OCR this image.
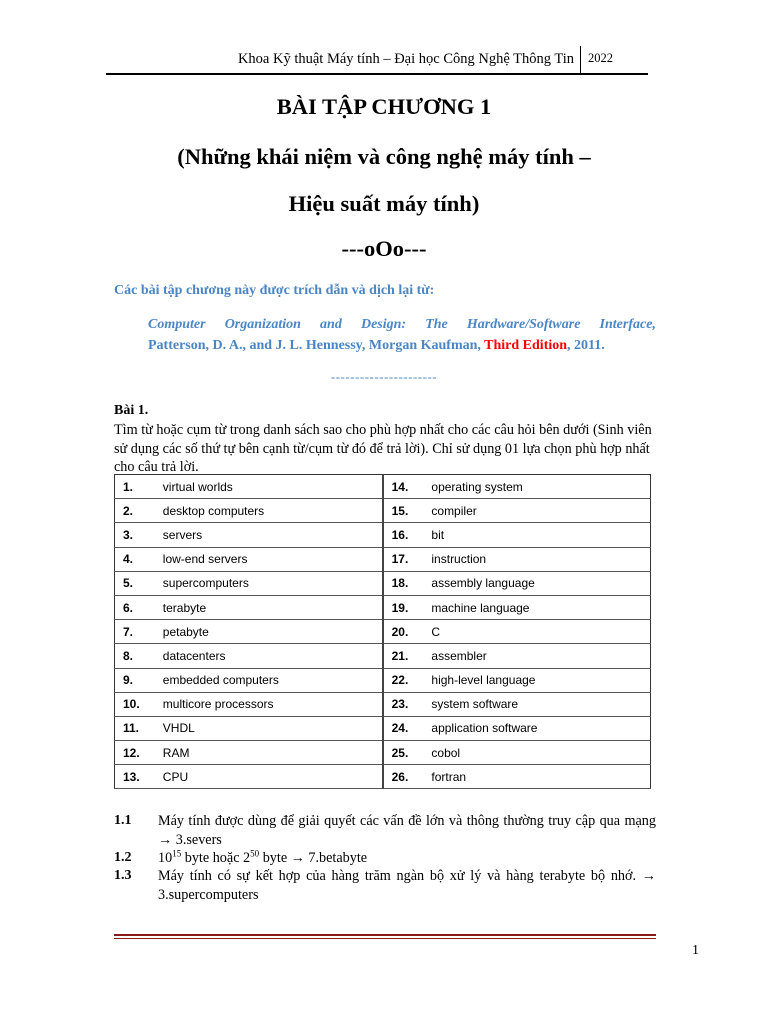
Khoa Kỹ thuật Máy tính – Đại học Công Nghệ Thông Tin 2022
BÀI TẬP CHƯƠNG 1
(Những khái niệm và công nghệ máy tính –
Hiệu suất máy tính)
---oOo---
Các bài tập chương này được trích dẫn và dịch lại từ:
Computer Organization and Design: The Hardware/Software Interface,
Patterson, D. A., and J. L. Hennessy, Morgan Kaufman, Third Edition, 2011.
----------------------
Bài 1.
Tìm từ hoặc cụm từ trong danh sách sao cho phù hợp nhất cho các câu hỏi bên dưới (Sinh viên sử dụng các số thứ tự bên cạnh từ/cụm từ đó để trả lời). Chỉ sử dụng 01 lựa chọn phù hợp nhất cho câu trả lời.
1.	virtual worlds	14.	operating system
2.	desktop computers	15.	compiler
3.	servers	16.	bit
4.	low-end servers	17.	instruction
5.	supercomputers	18.	assembly language
6.	terabyte	19.	machine language
7.	petabyte	20.	C
8.	datacenters	21.	assembler
9.	embedded computers	22.	high-level language
10.	multicore processors	23.	system software
11.	VHDL	24.	application software
12.	RAM	25.	cobol
13.	CPU	26.	fortran
1.1 Máy tính được dùng để giải quyết các vấn đề lớn và thông thường truy cập qua mạng → 3.severs
1.2 $10^{15}$ byte hoặc $2^{50}$ byte → 7.betabyte
1.3 Máy tính có sự kết hợp của hàng trăm ngàn bộ xử lý và hàng terabyte bộ nhớ. → 3.supercomputers
1
